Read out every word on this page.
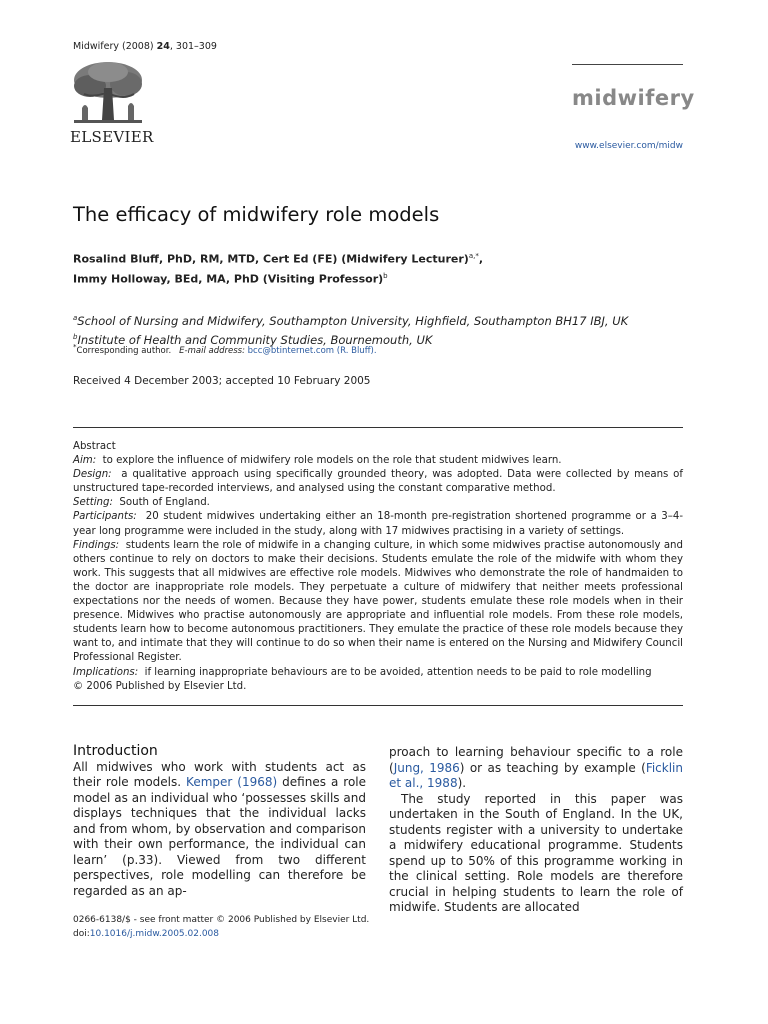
Midwifery (2008) 24, 301–309
ELSEVIER
midwifery
www.elsevier.com/midw
The efficacy of midwifery role models
Rosalind Bluff, PhD, RM, MTD, Cert Ed (FE) (Midwifery Lecturer)$^{a,*}$,
Immy Holloway, BEd, MA, PhD (Visiting Professor)$^b$
$^a$School of Nursing and Midwifery, Southampton University, Highfield, Southampton BH17 IBJ, UK
$^b$Institute of Health and Community Studies, Bournemouth, UK
*Corresponding author. E-mail address: bcc@btinternet.com (R. Bluff).
Received 4 December 2003; accepted 10 February 2005

Abstract

Aim: to explore the influence of midwifery role models on the role that student midwives learn.

Design: a qualitative approach using specifically grounded theory, was adopted. Data were collected by means of unstructured tape-recorded interviews, and analysed using the constant comparative method.

Setting: South of England.

Participants: 20 student midwives undertaking either an 18-month pre-registration shortened programme or a 3–4-year long programme were included in the study, along with 17 midwives practising in a variety of settings.

Findings: students learn the role of midwife in a changing culture, in which some midwives practise autonomously and others continue to rely on doctors to make their decisions. Students emulate the role of the midwife with whom they work. This suggests that all midwives are effective role models. Midwives who demonstrate the role of handmaiden to the doctor are inappropriate role models. They perpetuate a culture of midwifery that neither meets professional expectations nor the needs of women. Because they have power, students emulate these role models when in their presence. Midwives who practise autonomously are appropriate and influential role models. From these role models, students learn how to become autonomous practitioners. They emulate the practice of these role models because they want to, and intimate that they will continue to do so when their name is entered on the Nursing and Midwifery Council Professional Register.

Implications: if learning inappropriate behaviours are to be avoided, attention needs to be paid to role modelling

© 2006 Published by Elsevier Ltd.

Introduction

All midwives who work with students act as their role models. Kemper (1968) defines a role model as an individual who ‘possesses skills and displays techniques that the individual lacks and from whom, by observation and comparison with their own performance, the individual can learn’ (p.33). Viewed from two different perspectives, role modelling can therefore be regarded as an ap-

proach to learning behaviour specific to a role (Jung, 1986) or as teaching by example (Ficklin et al., 1988).

The study reported in this paper was undertaken in the South of England. In the UK, students register with a university to undertake a midwifery educational programme. Students spend up to 50% of this programme working in the clinical setting. Role models are therefore crucial in helping students to learn the role of midwife. Students are allocated

0266-6138/$ - see front matter © 2006 Published by Elsevier Ltd.
doi:10.1016/j.midw.2005.02.008
